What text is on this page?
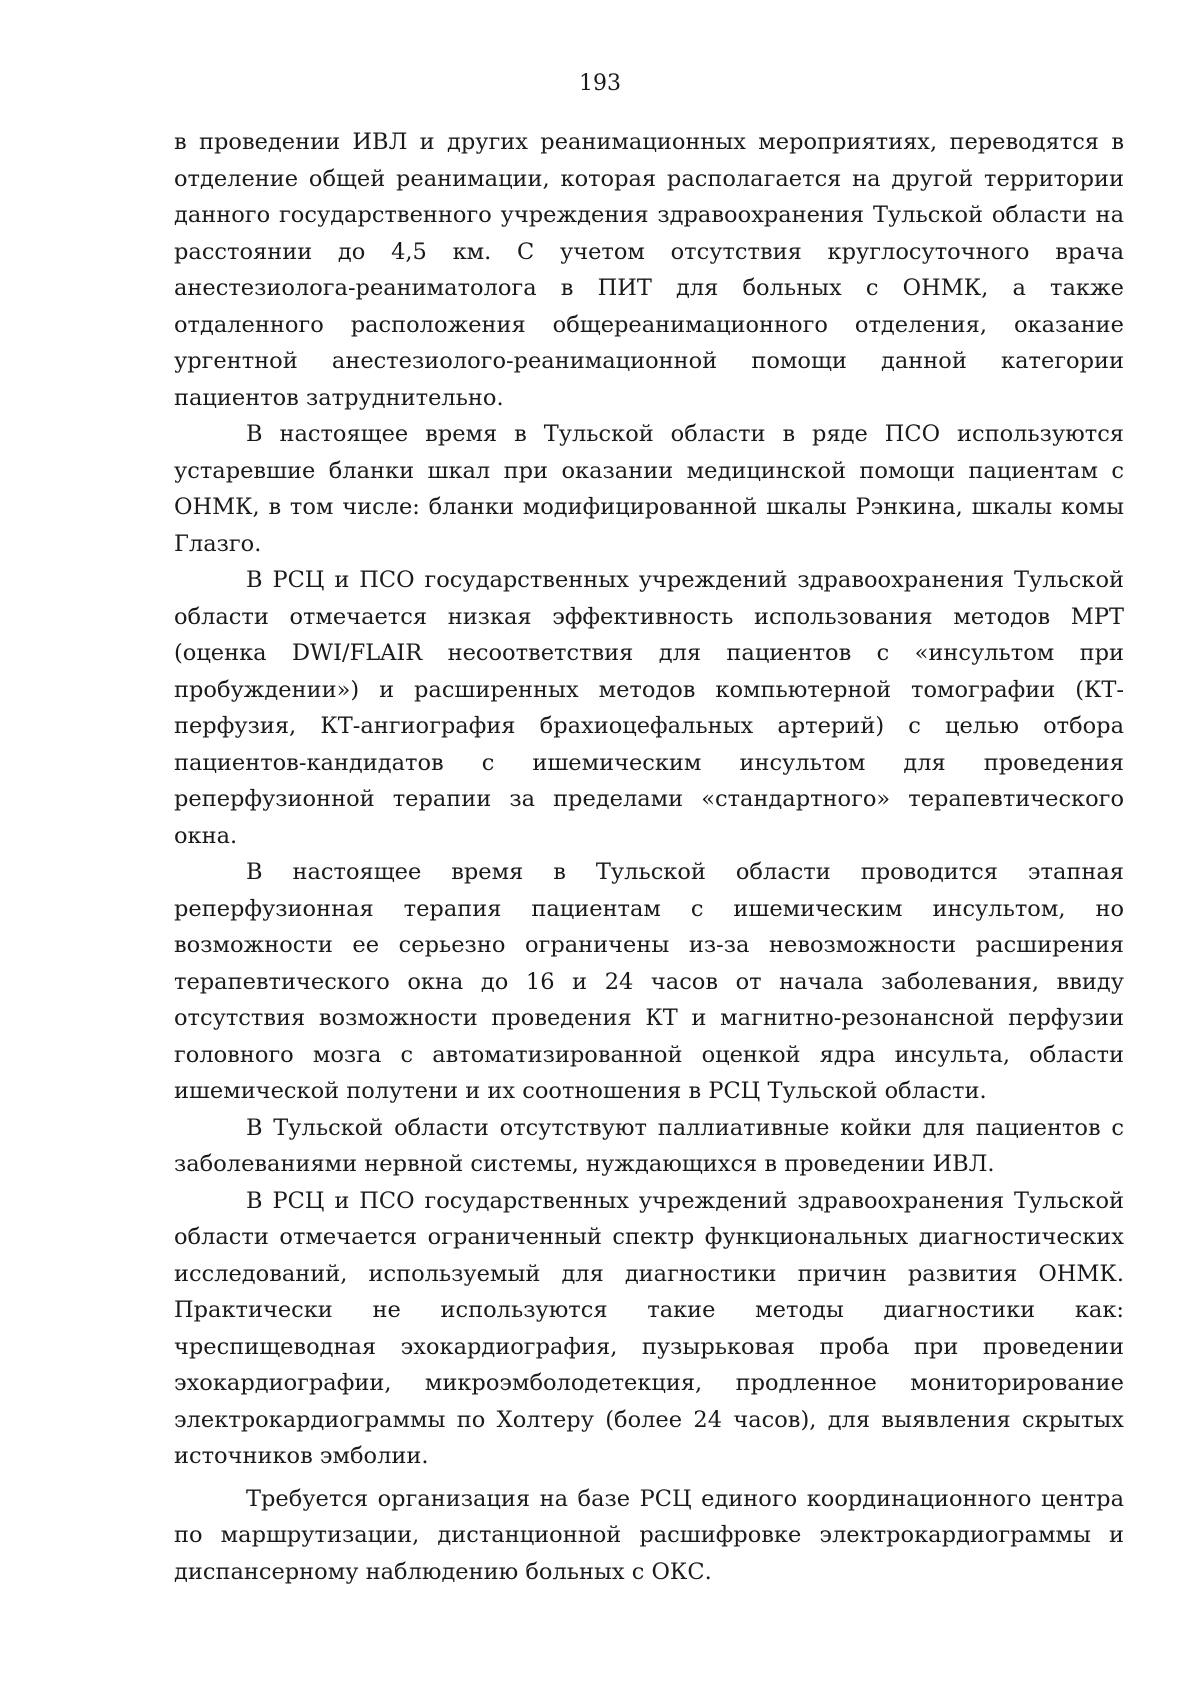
193

в проведении ИВЛ и других реанимационных мероприятиях, переводятся в отделение общей реанимации, которая располагается на другой территории данного государственного учреждения здравоохранения Тульской области на расстоянии до 4,5 км. С учетом отсутствия круглосуточного врача анестезиолога-реаниматолога в ПИТ для больных с ОНМК, а также отдаленного расположения общереанимационного отделения, оказание ургентной анестезиолого-реанимационной помощи данной категории пациентов затруднительно.

В настоящее время в Тульской области в ряде ПСО используются устаревшие бланки шкал при оказании медицинской помощи пациентам с ОНМК, в том числе: бланки модифицированной шкалы Рэнкина, шкалы комы Глазго.

В РСЦ и ПСО государственных учреждений здравоохранения Тульской области отмечается низкая эффективность использования методов МРТ (оценка DWI/FLAIR несоответствия для пациентов с «инсультом при пробуждении») и расширенных методов компьютерной томографии (КТ-перфузия, КТ-ангиография брахиоцефальных артерий) с целью отбора пациентов-кандидатов с ишемическим инсультом для проведения реперфузионной терапии за пределами «стандартного» терапевтического окна.

В настоящее время в Тульской области проводится этапная реперфузионная терапия пациентам с ишемическим инсультом, но возможности ее серьезно ограничены из-за невозможности расширения терапевтического окна до 16 и 24 часов от начала заболевания, ввиду отсутствия возможности проведения КТ и магнитно-резонансной перфузии головного мозга с автоматизированной оценкой ядра инсульта, области ишемической полутени и их соотношения в РСЦ Тульской области.

В Тульской области отсутствуют паллиативные койки для пациентов с заболеваниями нервной системы, нуждающихся в проведении ИВЛ.

В РСЦ и ПСО государственных учреждений здравоохранения Тульской области отмечается ограниченный спектр функциональных диагностических исследований, используемый для диагностики причин развития ОНМК. Практически не используются такие методы диагностики как: чреспищеводная эхокардиография, пузырьковая проба при проведении эхокардиографии, микроэмболодетекция, продленное мониторирование электрокардиограммы по Холтеру (более 24 часов), для выявления скрытых источников эмболии.

Требуется организация на базе РСЦ единого координационного центра по маршрутизации, дистанционной расшифровке электрокардиограммы и диспансерному наблюдению больных с ОКС.
